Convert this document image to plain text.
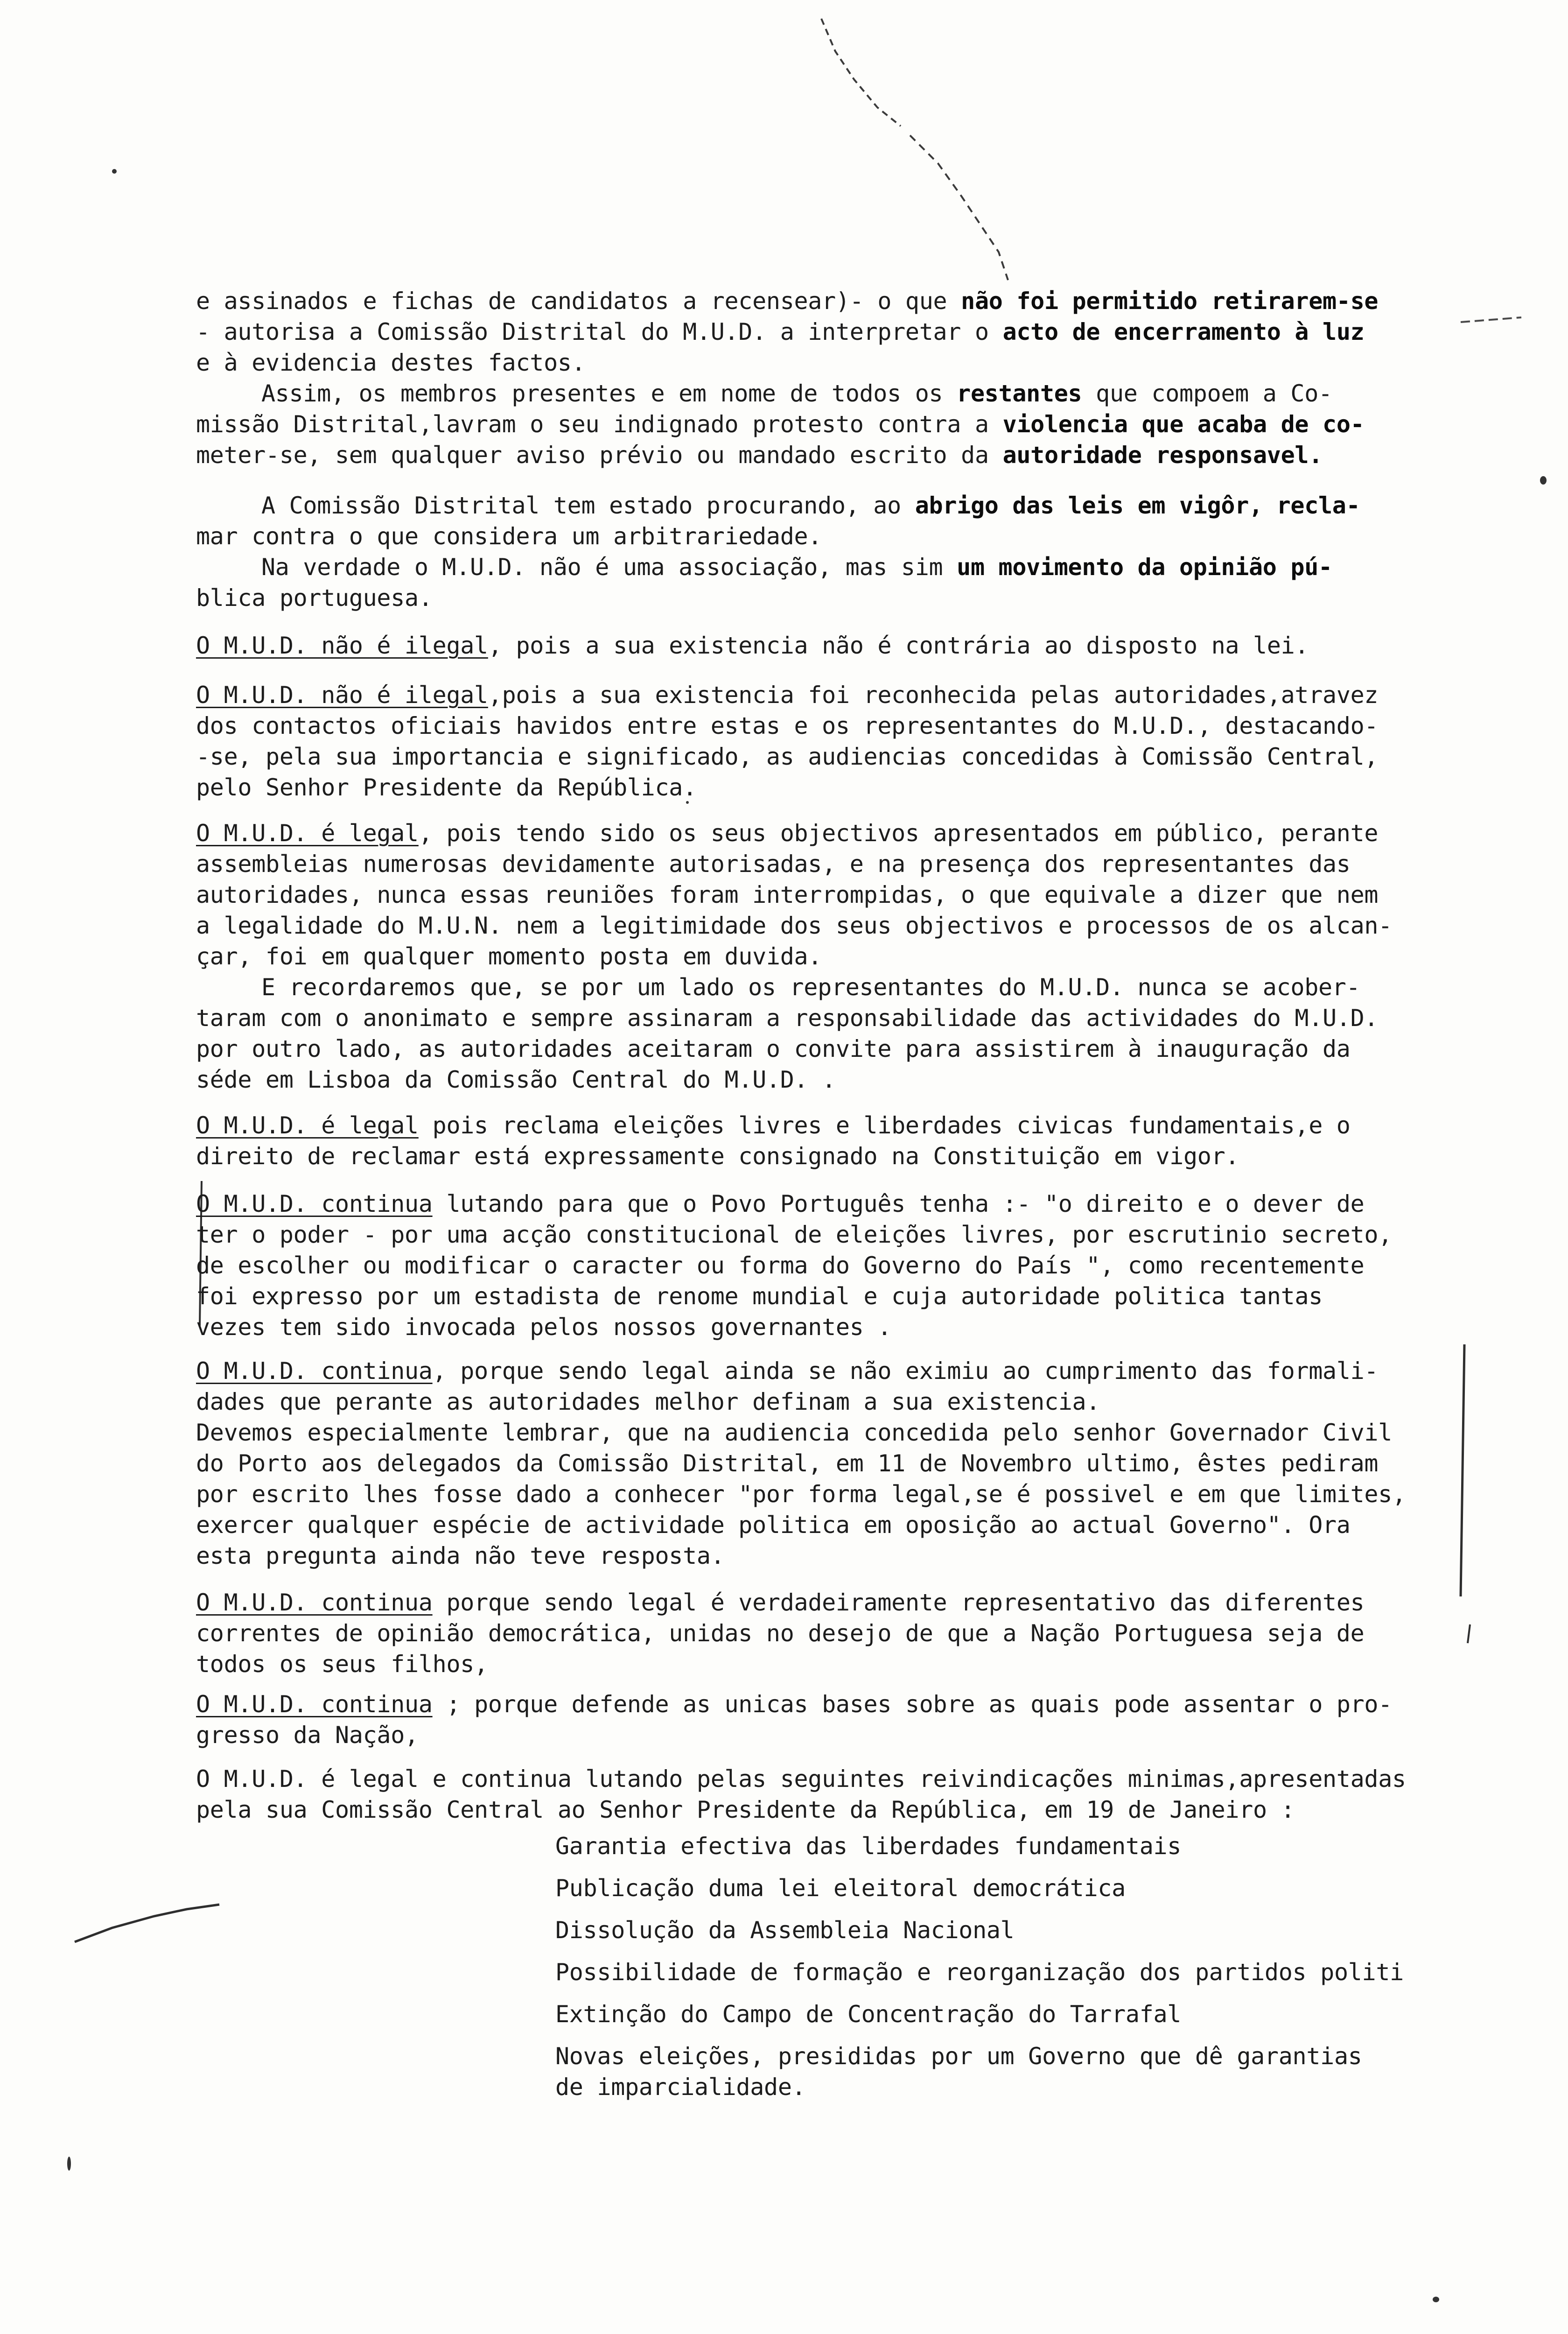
e assinados e fichas de candidatos a recensear)- o que não foi permitido retirarem-se
- autorisa a Comissão Distrital do M.U.D. a interpretar o acto de encerramento à luz
e à evidencia destes factos.
Assim, os membros presentes e em nome de todos os restantes que compoem a Co-
missão Distrital,lavram o seu indignado protesto contra a violencia que acaba de co-
meter-se, sem qualquer aviso prévio ou mandado escrito da autoridade responsavel.
A Comissão Distrital tem estado procurando, ao abrigo das leis em vigôr, recla-
mar contra o que considera um arbitrariedade.
Na verdade o M.U.D. não é uma associação, mas sim um movimento da opinião pú-
blica portuguesa.
O M.U.D. não é ilegal, pois a sua existencia não é contrária ao disposto na lei.
O M.U.D. não é ilegal,pois a sua existencia foi reconhecida pelas autoridades,atravez
dos contactos oficiais havidos entre estas e os representantes do M.U.D., destacando-
-se, pela sua importancia e significado, as audiencias concedidas à Comissão Central,
pelo Senhor Presidente da República.
O M.U.D. é legal, pois tendo sido os seus objectivos apresentados em público, perante
assembleias numerosas devidamente autorisadas, e na presença dos representantes das
autoridades, nunca essas reuniões foram interrompidas, o que equivale a dizer que nem
a legalidade do M.U.N. nem a legitimidade dos seus objectivos e processos de os alcan-
çar, foi em qualquer momento posta em duvida.
E recordaremos que, se por um lado os representantes do M.U.D. nunca se acober-
taram com o anonimato e sempre assinaram a responsabilidade das actividades do M.U.D.
por outro lado, as autoridades aceitaram o convite para assistirem à inauguração da
séde em Lisboa da Comissão Central do M.U.D. .
O M.U.D. é legal pois reclama eleições livres e liberdades civicas fundamentais,e o
direito de reclamar está expressamente consignado na Constituição em vigor.
O M.U.D. continua lutando para que o Povo Português tenha :- "o direito e o dever de
ter o poder - por uma acção constitucional de eleições livres, por escrutinio secreto,
de escolher ou modificar o caracter ou forma do Governo do País ", como recentemente
foi expresso por um estadista de renome mundial e cuja autoridade politica tantas
vezes tem sido invocada pelos nossos governantes .
O M.U.D. continua, porque sendo legal ainda se não eximiu ao cumprimento das formali-
dades que perante as autoridades melhor definam a sua existencia.
Devemos especialmente lembrar, que na audiencia concedida pelo senhor Governador Civil
do Porto aos delegados da Comissão Distrital, em 11 de Novembro ultimo, êstes pediram
por escrito lhes fosse dado a conhecer "por forma legal,se é possivel e em que limites,
exercer qualquer espécie de actividade politica em oposição ao actual Governo". Ora
esta pregunta ainda não teve resposta.
O M.U.D. continua porque sendo legal é verdadeiramente representativo das diferentes
correntes de opinião democrática, unidas no desejo de que a Nação Portuguesa seja de
todos os seus filhos,
O M.U.D. continua ; porque defende as unicas bases sobre as quais pode assentar o pro-
gresso da Nação,
O M.U.D. é legal e continua lutando pelas seguintes reivindicações minimas,apresentadas
pela sua Comissão Central ao Senhor Presidente da República, em 19 de Janeiro :
Garantia efectiva das liberdades fundamentais
Publicação duma lei eleitoral democrática
Dissolução da Assembleia Nacional
Possibilidade de formação e reorganização dos partidos politi
Extinção do Campo de Concentração do Tarrafal
Novas eleições, presididas por um Governo que dê garantias
de imparcialidade.
